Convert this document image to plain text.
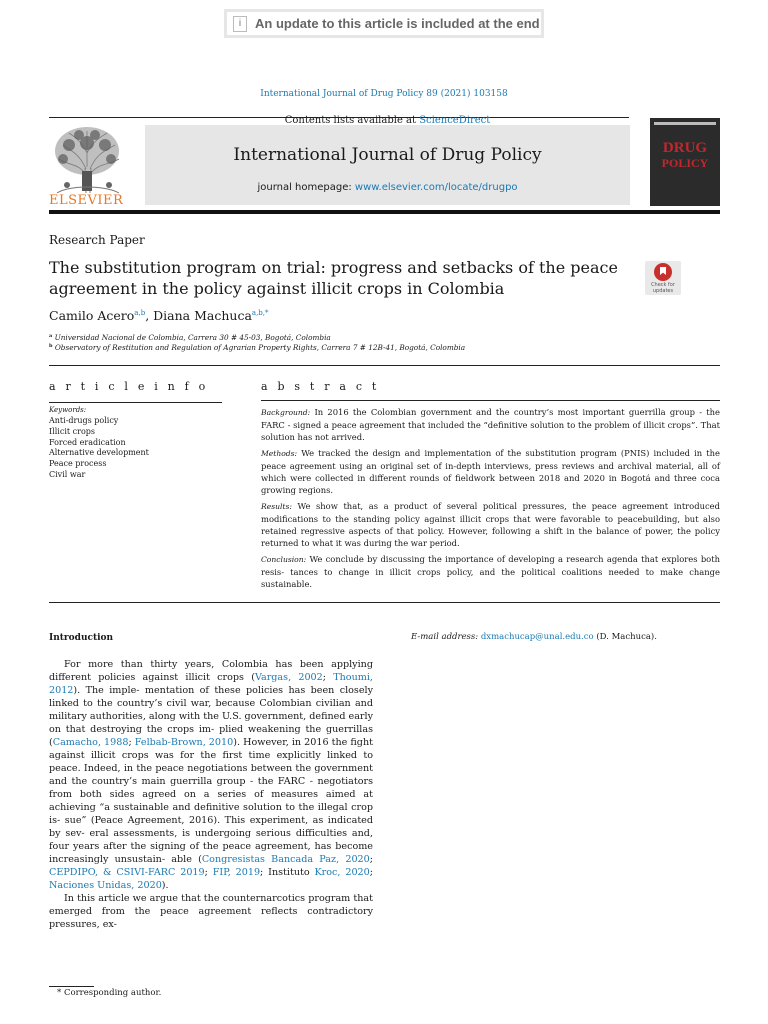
i	An update to this article is included at the end
International Journal of Drug Policy 89 (2021) 103158
Contents lists available at ScienceDirect
ELSEVIER
International Journal of Drug Policy
journal homepage: www.elsevier.com/locate/drugpo
DRUG
POLICY
Research Paper
The substitution program on trial: progress and setbacks of the peace agreement in the policy against illicit crops in Colombia	Check for updates
Camilo Acero$^{a,b}$, Diana Machuca$^{a,b,*}$
$^a$ Universidad Nacional de Colombia, Carrera 30 # 45-03, Bogotá, Colombia
$^b$ Observatory of Restitution and Regulation of Agrarian Property Rights, Carrera 7 # 12B-41, Bogotá, Colombia
a r t i c l e i n f o
Keywords:
Anti-drugs policy
Illicit crops
Forced eradication
Alternative development Peace process
Civil war
a b s t r a c t

Background: In 2016 the Colombian government and the country’s most important guerrilla group - the FARC - signed a peace agreement that included the “definitive solution to the problem of illicit crops”. That solution has not arrived.

Methods: We tracked the design and implementation of the substitution program (PNIS) included in the peace agreement using an original set of in-depth interviews, press reviews and archival material, all of which were collected in different rounds of fieldwork between 2018 and 2020 in Bogotá and three coca growing regions.

Results: We show that, as a product of several political pressures, the peace agreement introduced modifications to the standing policy against illicit crops that were favorable to peacebuilding, but also retained regressive aspects of that policy. However, following a shift in the balance of power, the policy returned to what it was during the war period.

Conclusion: We conclude by discussing the importance of developing a research agenda that explores both resis- tances to change in illicit crops policy, and the political coalitions needed to make change sustainable.

Introduction

For more than thirty years, Colombia has been applying different policies against illicit crops (Vargas, 2002; Thoumi, 2012). The imple- mentation of these policies has been closely linked to the country’s civil war, because Colombian civilian and military authorities, along with the U.S. government, defined early on that destroying the crops im- plied weakening the guerrillas (Camacho, 1988; Felbab-Brown, 2010). However, in 2016 the fight against illicit crops was for the first time explicitly linked to peace. Indeed, in the peace negotiations between the government and the country’s main guerrilla group - the FARC - negotiators from both sides agreed on a series of measures aimed at achieving “a sustainable and definitive solution to the illegal crop is- sue” (Peace Agreement, 2016). This experiment, as indicated by sev- eral assessments, is undergoing serious difficulties and, four years after the signing of the peace agreement, has become increasingly unsustain- able (Congresistas Bancada Paz, 2020; CEPDIPO, & CSIVI-FARC 2019; FIP, 2019; Instituto Kroc, 2020; Naciones Unidas, 2020).

In this article we argue that the counternarcotics program that emerged from the peace agreement reflects contradictory pressures, ex-

E-mail address: dxmachucap@unal.edu.co (D. Machuca).
* Corresponding author.
